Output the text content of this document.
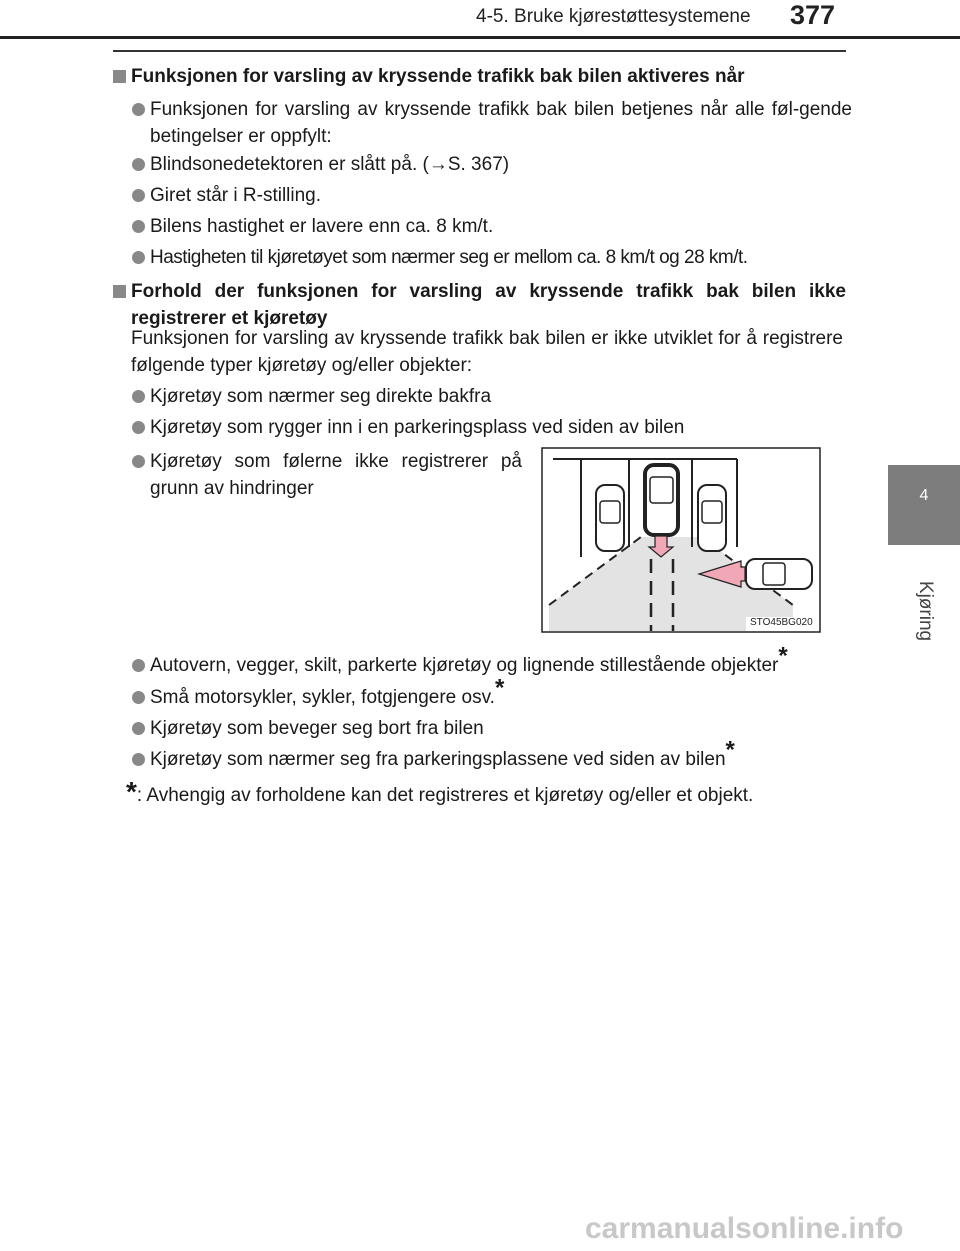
4-5. Bruke kjørestøttesystemene 377
4
Kjøring
Funksjonen for varsling av kryssende trafikk bak bilen aktiveres når
Funksjonen for varsling av kryssende trafikk bak bilen betjenes når alle føl-gende betingelser er oppfylt:
Blindsonedetektoren er slått på. (→S. 367)
Giret står i R-stilling.
Bilens hastighet er lavere enn ca. 8 km/t.
Hastigheten til kjøretøyet som nærmer seg er mellom ca. 8 km/t og 28 km/t.
Forhold der funksjonen for varsling av kryssende trafikk bak bilen ikke registrerer et kjøretøy
Funksjonen for varsling av kryssende trafikk bak bilen er ikke utviklet for å registrere følgende typer kjøretøy og/eller objekter:
Kjøretøy som nærmer seg direkte bakfra
Kjøretøy som rygger inn i en parkeringsplass ved siden av bilen
Kjøretøy som følerne ikke registrerer på grunn av hindringer
STO45BG020
Autovern, vegger, skilt, parkerte kjøretøy og lignende stillestående objekter*
Små motorsykler, sykler, fotgjengere osv.*
Kjøretøy som beveger seg bort fra bilen
Kjøretøy som nærmer seg fra parkeringsplassene ved siden av bilen*
*: Avhengig av forholdene kan det registreres et kjøretøy og/eller et objekt.
carmanualsonline.info
